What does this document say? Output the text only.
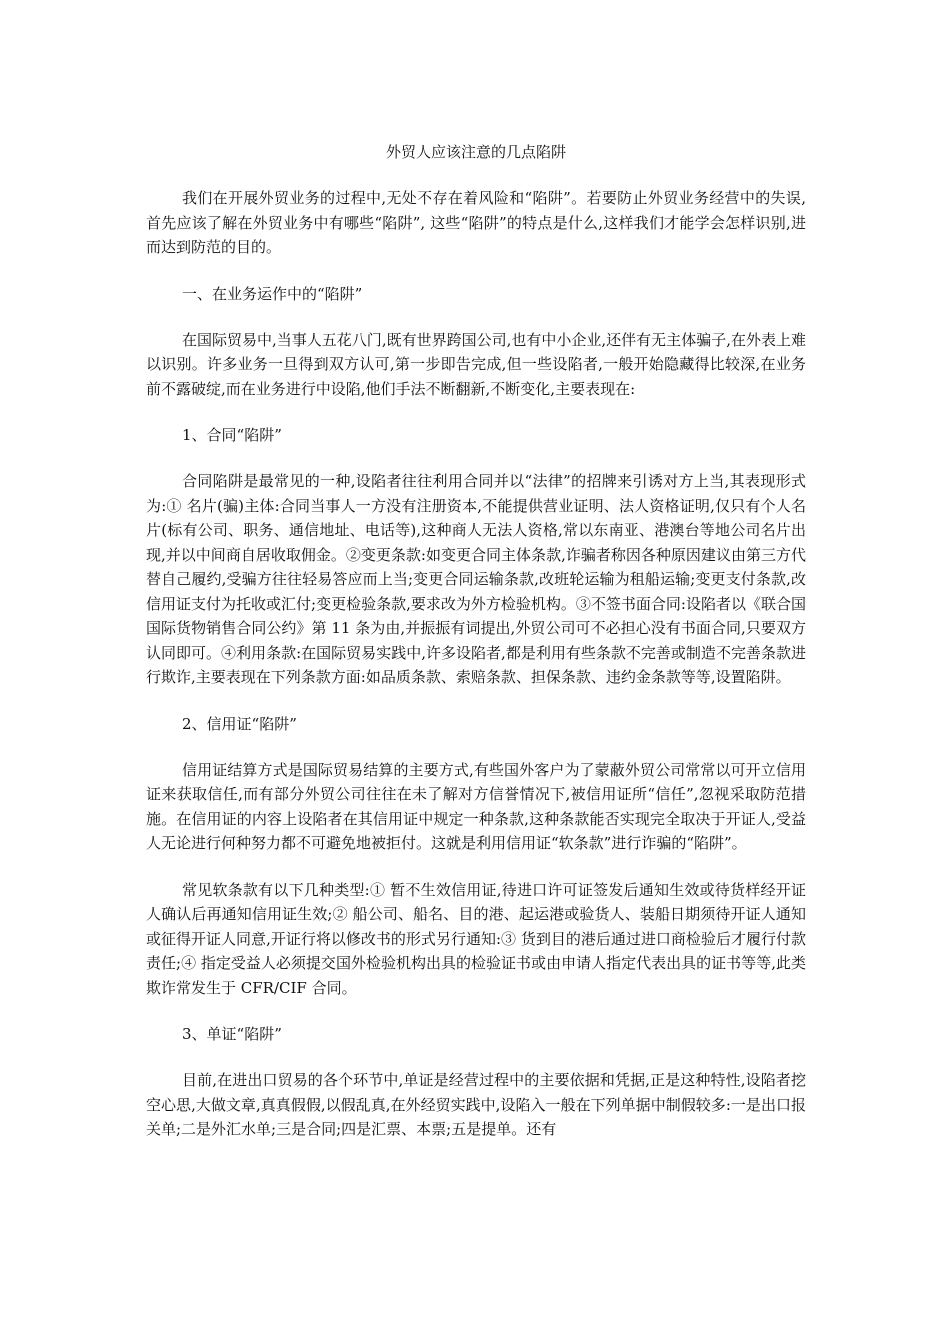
外贸人应该注意的几点陷阱

我们在开展外贸业务的过程中,无处不存在着风险和“陷阱”。若要防止外贸业务经营中的失误,首先应该了解在外贸业务中有哪些“陷阱”, 这些“陷阱”的特点是什么,这样我们才能学会怎样识别,进而达到防范的目的。

一、在业务运作中的“陷阱”

在国际贸易中,当事人五花八门,既有世界跨国公司,也有中小企业,还伴有无主体骗子,在外表上难以识别。许多业务一旦得到双方认可,第一步即告完成,但一些设陷者,一般开始隐藏得比较深,在业务前不露破绽,而在业务进行中设陷,他们手法不断翻新,不断变化,主要表现在:

1、合同“陷阱”

合同陷阱是最常见的一种,设陷者往往利用合同并以“法律”的招牌来引诱对方上当,其表现形式为:① 名片(骗)主体:合同当事人一方没有注册资本,不能提供营业证明、法人资格证明,仅只有个人名片(标有公司、职务、通信地址、电话等),这种商人无法人资格,常以东南亚、港澳台等地公司名片出现,并以中间商自居收取佣金。②变更条款:如变更合同主体条款,诈骗者称因各种原因建议由第三方代替自己履约,受骗方往往轻易答应而上当;变更合同运输条款,改班轮运输为租船运输;变更支付条款,改信用证支付为托收或汇付;变更检验条款,要求改为外方检验机构。③不签书面合同:设陷者以《联合国国际货物销售合同公约》第 11 条为由,并振振有词提出,外贸公司可不必担心没有书面合同,只要双方认同即可。④利用条款:在国际贸易实践中,许多设陷者,都是利用有些条款不完善或制造不完善条款进行欺诈,主要表现在下列条款方面:如品质条款、索赔条款、担保条款、违约金条款等等,设置陷阱。

2、信用证“陷阱”

信用证结算方式是国际贸易结算的主要方式,有些国外客户为了蒙蔽外贸公司常常以可开立信用证来获取信任,而有部分外贸公司往往在未了解对方信誉情况下,被信用证所“信任”,忽视采取防范措施。在信用证的内容上设陷者在其信用证中规定一种条款,这种条款能否实现完全取决于开证人,受益人无论进行何种努力都不可避免地被拒付。这就是利用信用证“软条款”进行诈骗的“陷阱”。

常见软条款有以下几种类型:① 暂不生效信用证,待进口许可证签发后通知生效或待货样经开证人确认后再通知信用证生效;② 船公司、船名、目的港、起运港或验货人、装船日期须待开证人通知或征得开证人同意,开证行将以修改书的形式另行通知:③ 货到目的港后通过进口商检验后才履行付款责任;④ 指定受益人必须提交国外检验机构出具的检验证书或由申请人指定代表出具的证书等等,此类欺诈常发生于 CFR/CIF 合同。

3、单证“陷阱”

目前,在进出口贸易的各个环节中,单证是经营过程中的主要依据和凭据,正是这种特性,设陷者挖空心思,大做文章,真真假假,以假乱真,在外经贸实践中,设陷入一般在下列单据中制假较多:一是出口报关单;二是外汇水单;三是合同;四是汇票、本票;五是提单。还有
